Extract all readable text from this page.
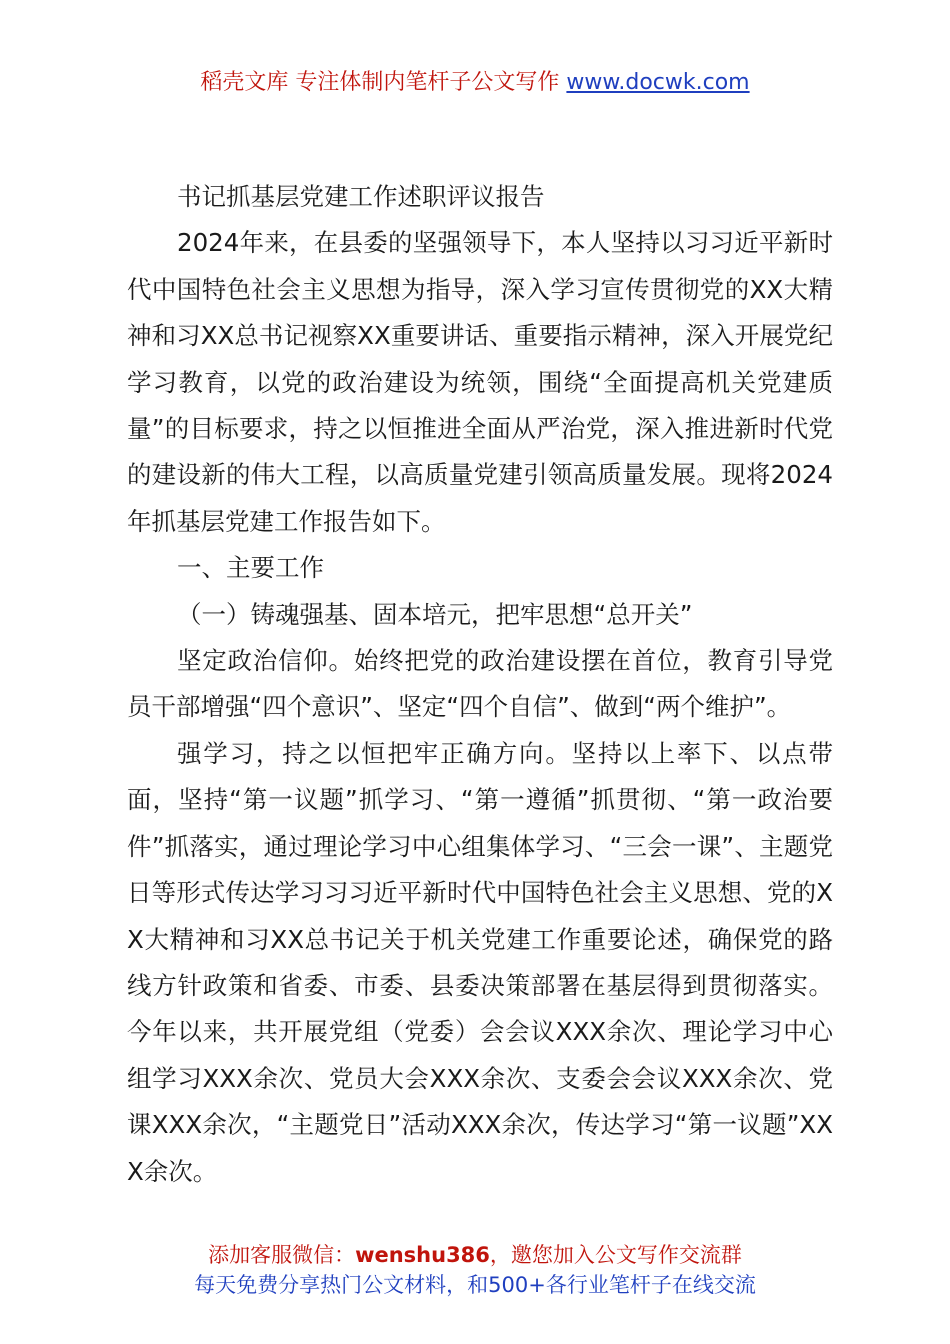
稻壳文库 专注体制内笔杆子公文写作 www.docwk.com

书记抓基层党建工作述职评议报告

2024年来，在县委的坚强领导下，本人坚持以习习近平新时代中国特色社会主义思想为指导，深入学习宣传贯彻党的XX大精神和习XX总书记视察XX重要讲话、重要指示精神，深入开展党纪学习教育，以党的政治建设为统领，围绕“全面提高机关党建质量”的目标要求，持之以恒推进全面从严治党，深入推进新时代党的建设新的伟大工程，以高质量党建引领高质量发展。现将2024年抓基层党建工作报告如下。

一、主要工作

（一）铸魂强基、固本培元，把牢思想“总开关”

坚定政治信仰。始终把党的政治建设摆在首位，教育引导党员干部增强“四个意识”、坚定“四个自信”、做到“两个维护”。

强学习，持之以恒把牢正确方向。坚持以上率下、以点带面，坚持“第一议题”抓学习、“第一遵循”抓贯彻、“第一政治要件”抓落实，通过理论学习中心组集体学习、“三会一课”、主题党日等形式传达学习习习近平新时代中国特色社会主义思想、党的XX大精神和习XX总书记关于机关党建工作重要论述，确保党的路线方针政策和省委、市委、县委决策部署在基层得到贯彻落实。今年以来，共开展党组（党委）会会议XXX余次、理论学习中心组学习XXX余次、党员大会XXX余次、支委会会议XXX余次、党课XXX余次，“主题党日”活动XXX余次，传达学习“第一议题”XXX余次。

添加客服微信：wenshu386，邀您加入公文写作交流群
每天免费分享热门公文材料，和500+各行业笔杆子在线交流
